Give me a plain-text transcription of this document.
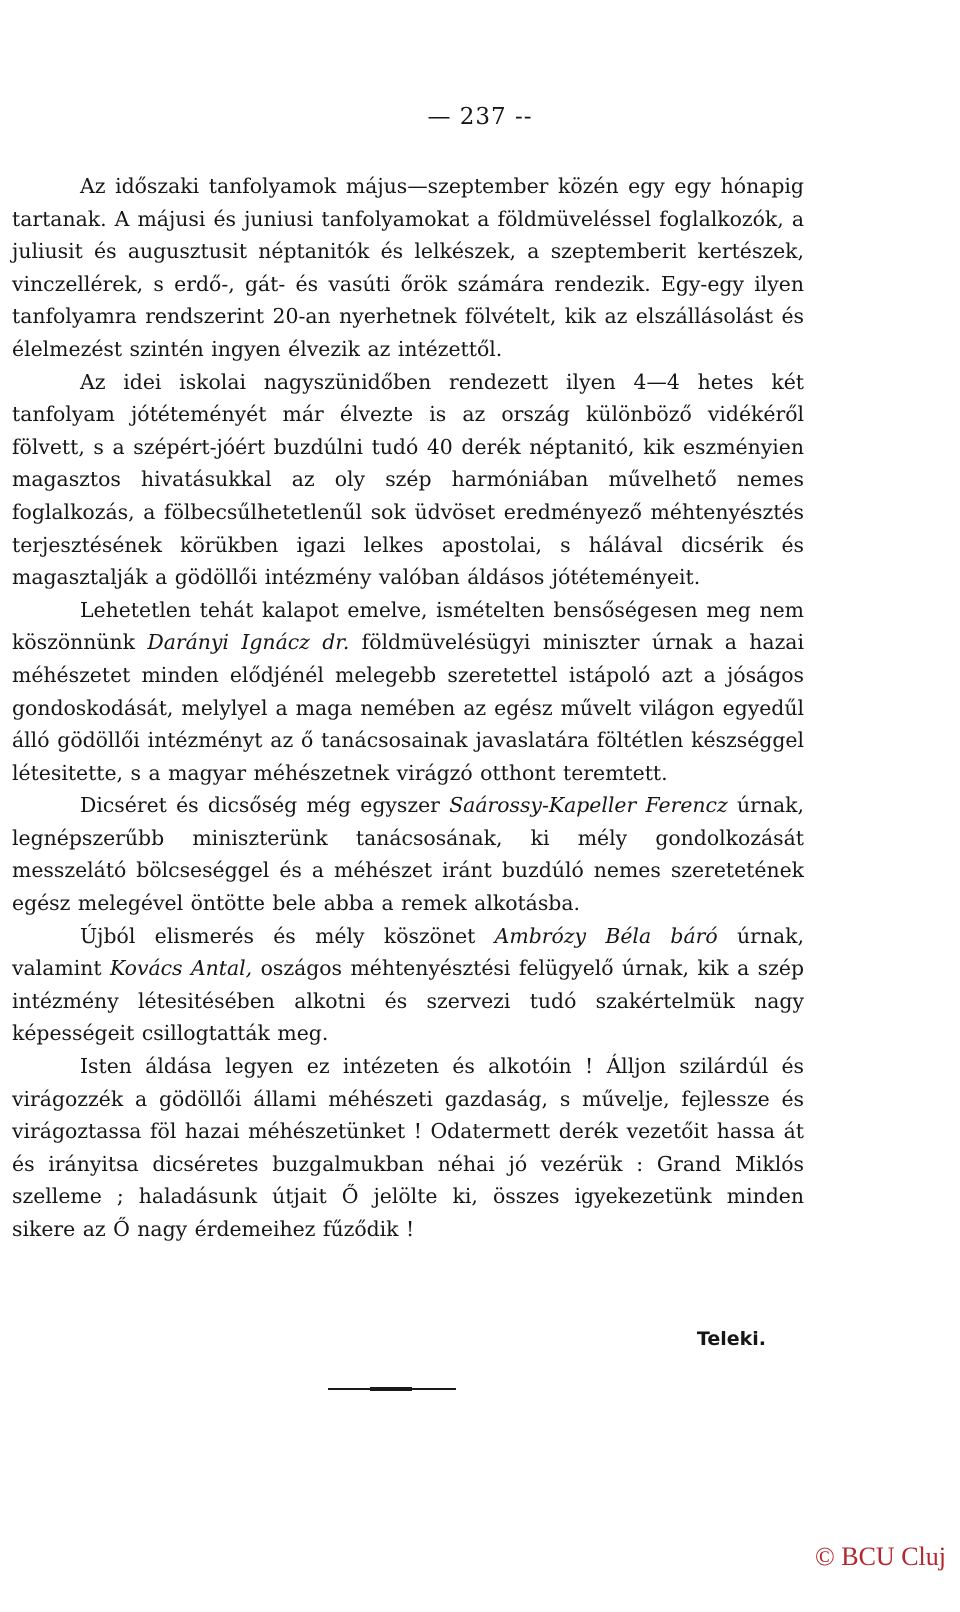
— 237 --

Az időszaki tanfolyamok május—szeptember közén egy egy hónapig tartanak. A májusi és juniusi tanfolyamokat a földmüveléssel foglalkozók, a juliusit és augusztusit néptanitók és lelkészek, a szeptemberit kertészek, vinczellérek, s erdő-, gát- és vasúti őrök számára rendezik. Egy-egy ilyen tanfolyamra rendszerint 20-an nyerhetnek fölvételt, kik az elszállásolást és élelmezést szintén ingyen élvezik az intézettől.

Az idei iskolai nagyszünidőben rendezett ilyen 4—4 hetes két tanfolyam jótéteményét már élvezte is az ország különböző vidékéről fölvett, s a szépért-jóért buzdúlni tudó 40 derék néptanitó, kik eszményien magasztos hivatásukkal az oly szép harmóniában művelhető nemes foglalkozás, a fölbecsűlhetetlenűl sok üdvöset eredményező méhtenyésztés terjesztésének körükben igazi lelkes apostolai, s hálával dicsérik és magasztalják a gödöllői intézmény valóban áldásos jótéteményeit.

Lehetetlen tehát kalapot emelve, ismételten bensőségesen meg nem köszönnünk Darányi Ignácz dr. földmüvelésügyi miniszter úrnak a hazai méhészetet minden elődjénél melegebb szeretettel istápoló azt a jóságos gondoskodását, melylyel a maga nemében az egész művelt világon egyedűl álló gödöllői intézményt az ő tanácsosainak javaslatára föltétlen készséggel létesitette, s a magyar méhészetnek virágzó otthont teremtett.

Dicséret és dicsőség még egyszer Saárossy-Kapeller Ferencz úrnak, legnépszerűbb miniszterünk tanácsosának, ki mély gondolkozását messzelátó bölcseséggel és a méhészet iránt buzdúló nemes szeretetének egész melegével öntötte bele abba a remek alkotásba.

Újból elismerés és mély köszönet Ambrózy Béla báró úrnak, valamint Kovács Antal, oszágos méhtenyésztési felügyelő úrnak, kik a szép intézmény létesitésében alkotni és szervezi tudó szakértelmük nagy képességeit csillogtatták meg.

Isten áldása legyen ez intézeten és alkotóin ! Álljon szilárdúl és virágozzék a gödöllői állami méhészeti gazdaság, s művelje, fejlessze és virágoztassa föl hazai méhészetünket ! Odatermett derék vezetőit hassa át és irányitsa dicséretes buzgalmukban néhai jó vezérük : Grand Miklós szelleme ; haladásunk útjait Ő jelölte ki, összes igyekezetünk minden sikere az Ő nagy érdemeihez fűződik !

Teleki.
© BCU Cluj
